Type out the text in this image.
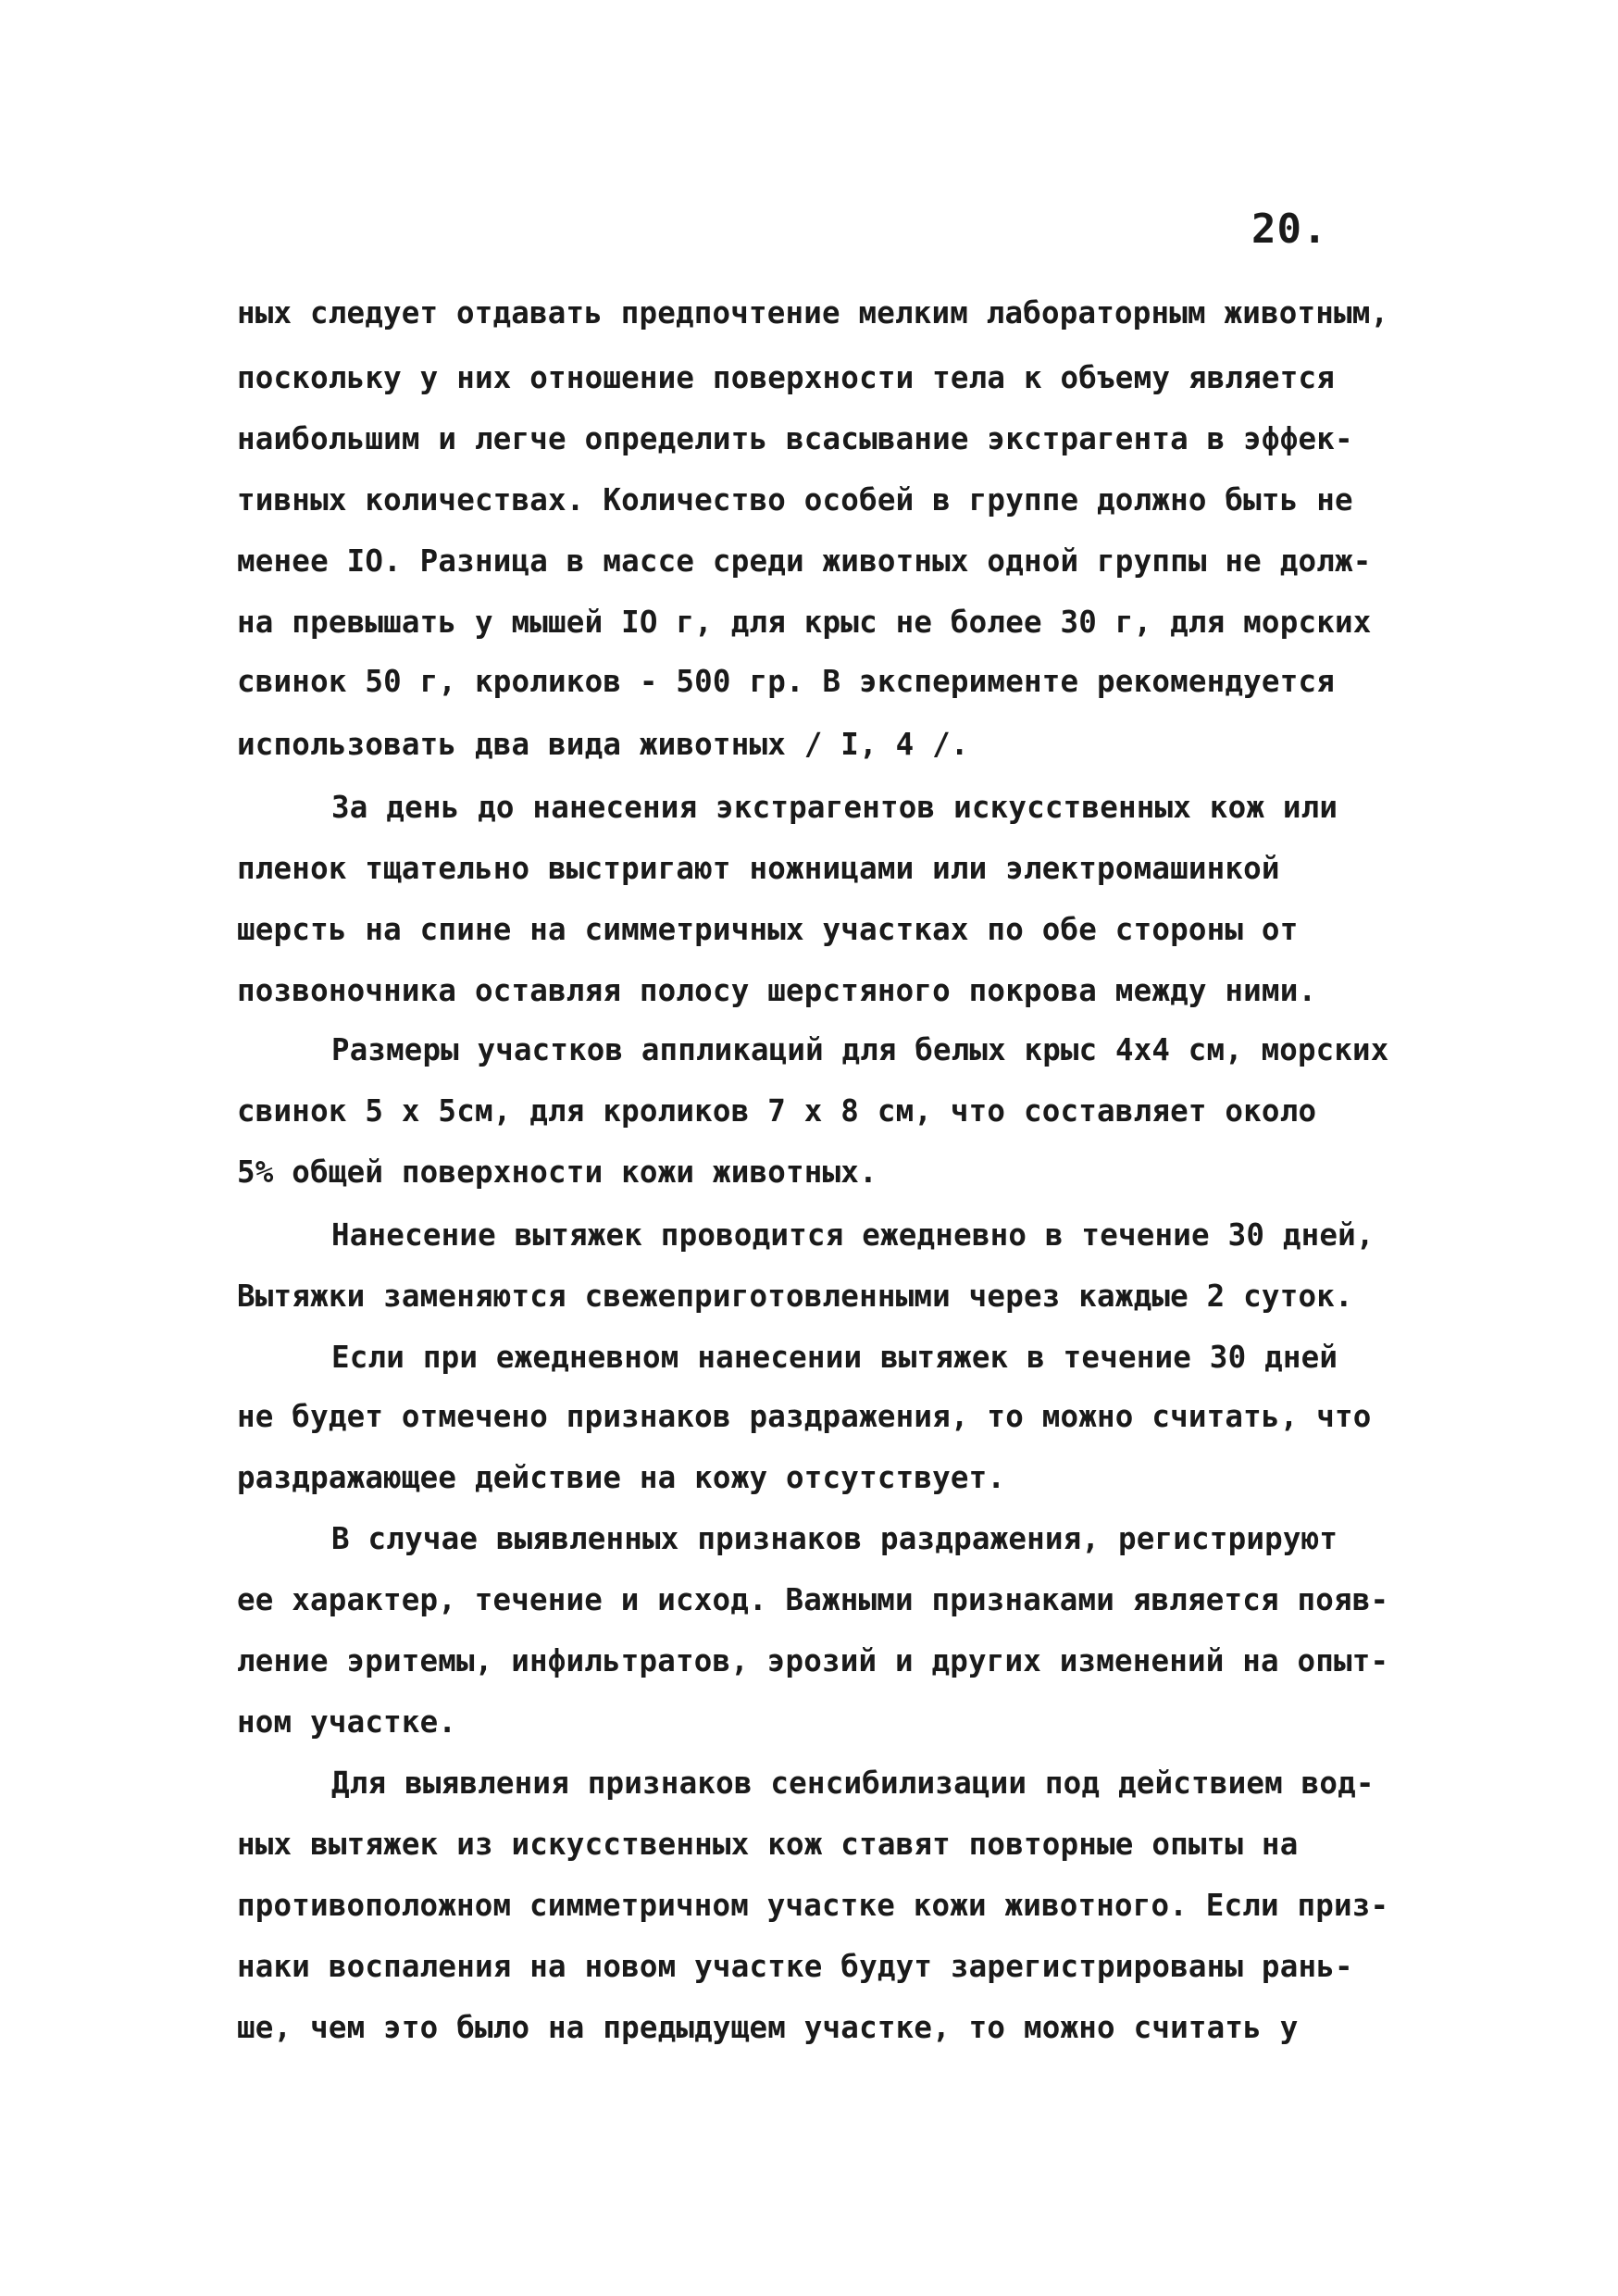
20.
ных следует отдавать предпочтение мелким лабораторным животным,
поскольку у них отношение поверхности тела к объему является
наибольшим и легче определить всасывание экстрагента в эффек-
тивных количествах. Количество особей в группе должно быть не
менее IO. Разница в массе среди животных одной группы не долж-
на превышать у мышей IO г, для крыс не более 30 г, для морских
свинок 50 г, кроликов - 500 гр. В эксперименте рекомендуется
использовать два вида животных / I, 4 /.
За день до нанесения экстрагентов искусственных кож или
пленок тщательно выстригают ножницами или электромашинкой
шерсть на спине на симметричных участках по обе стороны от
позвоночника оставляя полосу шерстяного покрова между ними.
Размеры участков аппликаций для белых крыс 4х4 см, морских
свинок 5 х 5см, для кроликов 7 х 8 см, что составляет около
5% общей поверхности кожи животных.
Нанесение вытяжек проводится ежедневно в течение 30 дней,
Вытяжки заменяются свежеприготовленными через каждые 2 суток.
Если при ежедневном нанесении вытяжек в течение 30 дней
не будет отмечено признаков раздражения, то можно считать, что
раздражающее действие на кожу отсутствует.
В случае выявленных признаков раздражения, регистрируют
ее характер, течение и исход. Важными признаками является появ-
ление эритемы, инфильтратов, эрозий и других изменений на опыт-
ном участке.
Для выявления признаков сенсибилизации под действием вод-
ных вытяжек из искусственных кож ставят повторные опыты на
противоположном симметричном участке кожи животного. Если приз-
наки воспаления на новом участке будут зарегистрированы рань-
ше, чем это было на предыдущем участке, то можно считать у
